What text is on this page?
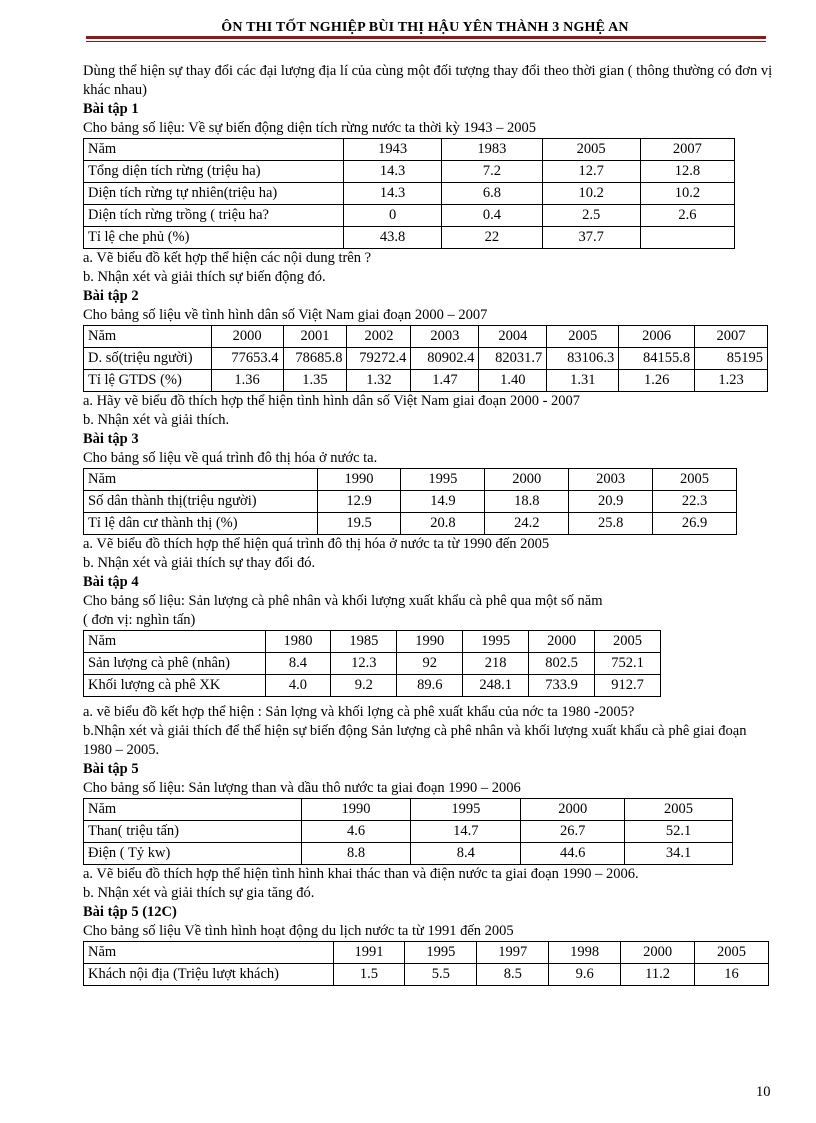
ÔN THI TỐT NGHIỆP BÙI THỊ HẬU YÊN THÀNH 3 NGHỆ AN

Dùng thể hiện sự thay đổi các đại lượng địa lí của cùng một đối tượng thay đổi theo thời gian ( thông thường có đơn vị khác nhau)

Bài tập 1

Cho bảng số liệu: Về sự biến động diện tích rừng nước ta thời kỳ 1943 – 2005

Năm	1943	1983	2005	2007
Tổng diện tích rừng (triệu ha)	14.3	7.2	12.7	12.8
Diện tích rừng tự nhiên(triệu ha)	14.3	6.8	10.2	10.2
Diện tích rừng trồng ( triệu ha?	0	0.4	2.5	2.6
Tỉ lệ che phủ (%)	43.8	22	37.7	

a. Vẽ biểu đồ kết hợp thể hiện các nội dung trên ?

b. Nhận xét và giải thích sự biến động đó.

Bài tập 2

Cho bảng số liệu về tình hình dân số Việt Nam giai đoạn 2000 – 2007

Năm	2000	2001	2002	2003	2004	2005	2006	2007
D. số(triệu người)	77653.4	78685.8	79272.4	80902.4	82031.7	83106.3	84155.8	85195
Tỉ lệ GTDS (%)	1.36	1.35	1.32	1.47	1.40	1.31	1.26	1.23

a. Hãy vẽ biểu đồ thích hợp thể hiện tình hình dân số Việt Nam giai đoạn 2000 - 2007

b. Nhận xét và giải thích.

Bài tập 3

Cho bảng số liệu về quá trình đô thị hóa ở nước ta.

Năm	1990	1995	2000	2003	2005
Số dân thành thị(triệu người)	12.9	14.9	18.8	20.9	22.3
Tỉ lệ dân cư thành thị (%)	19.5	20.8	24.2	25.8	26.9

a. Vẽ biểu đồ thích hợp thể hiện quá trình đô thị hóa ở nước ta từ 1990 đến 2005

b. Nhận xét và giải thích sự thay đổi đó.

Bài tập 4

Cho bảng số liệu: Sản lượng cà phê nhân và khối lượng xuất khẩu cà phê qua một số năm

( đơn vị: nghìn tấn)

Năm	1980	1985	1990	1995	2000	2005
Sản lượng cà phê (nhân)	8.4	12.3	92	218	802.5	752.1
Khối lượng cà phê XK	4.0	9.2	89.6	248.1	733.9	912.7

a. vẽ biểu đồ kết hợp thể hiện : Sản lợng và khối lợng cà phê xuất khẩu của nớc ta 1980 -2005?

b.Nhận xét và giải thích để thể hiện sự biến động Sản lượng cà phê nhân và khối lượng xuất khẩu cà phê giai đoạn 1980 – 2005.

Bài tập 5

Cho bảng số liệu: Sản lượng than và dầu thô nước ta giai đoạn 1990 – 2006

Năm	1990	1995	2000	2005
Than( triệu tấn)	4.6	14.7	26.7	52.1
Điện ( Tỷ kw)	8.8	8.4	44.6	34.1

a. Vẽ biểu đồ thích hợp thể hiện tình hình khai thác than và điện nước ta giai đoạn 1990 – 2006.

b. Nhận xét và giải thích sự gia tăng đó.

Bài tập 5 (12C)

Cho bảng số liệu Về tình hình hoạt động du lịch nước ta từ 1991 đến 2005

Năm	1991	1995	1997	1998	2000	2005
Khách nội địa (Triệu lượt khách)	1.5	5.5	8.5	9.6	11.2	16
10
